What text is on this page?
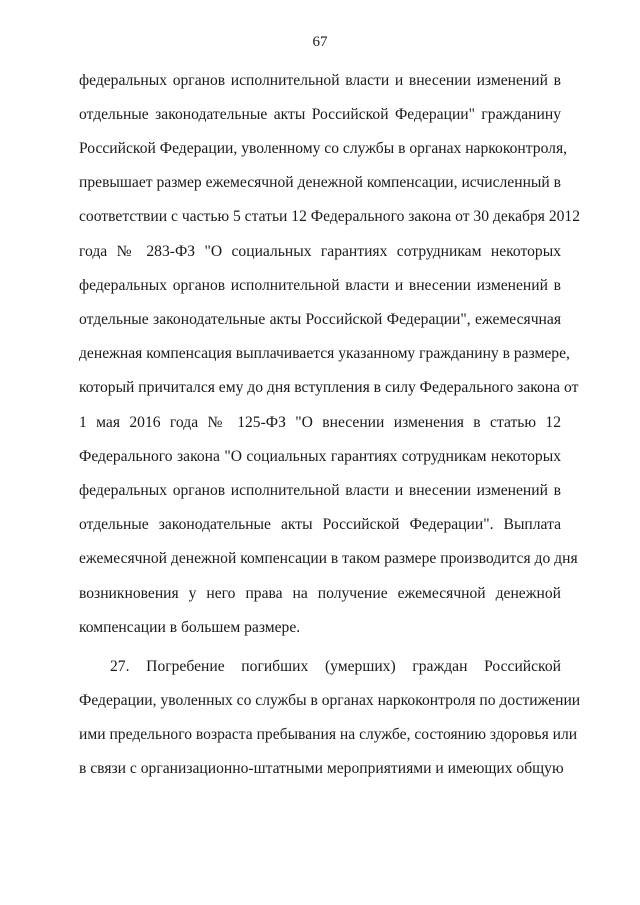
67
федеральных органов исполнительной власти и внесении изменений в
отдельные законодательные акты Российской Федерации" гражданину
Российской Федерации, уволенному со службы в органах наркоконтроля,
превышает размер ежемесячной денежной компенсации, исчисленный в
соответствии с частью 5 статьи 12 Федерального закона от 30 декабря 2012
года № 283-ФЗ "О социальных гарантиях сотрудникам некоторых
федеральных органов исполнительной власти и внесении изменений в
отдельные законодательные акты Российской Федерации", ежемесячная
денежная компенсация выплачивается указанному гражданину в размере,
который причитался ему до дня вступления в силу Федерального закона от
1 мая 2016 года № 125-ФЗ "О внесении изменения в статью 12
Федерального закона "О социальных гарантиях сотрудникам некоторых
федеральных органов исполнительной власти и внесении изменений в
отдельные законодательные акты Российской Федерации". Выплата
ежемесячной денежной компенсации в таком размере производится до дня
возникновения у него права на получение ежемесячной денежной
компенсации в большем размере.
27. Погребение погибших (умерших) граждан Российской
Федерации, уволенных со службы в органах наркоконтроля по достижении
ими предельного возраста пребывания на службе, состоянию здоровья или
в связи с организационно-штатными мероприятиями и имеющих общую
